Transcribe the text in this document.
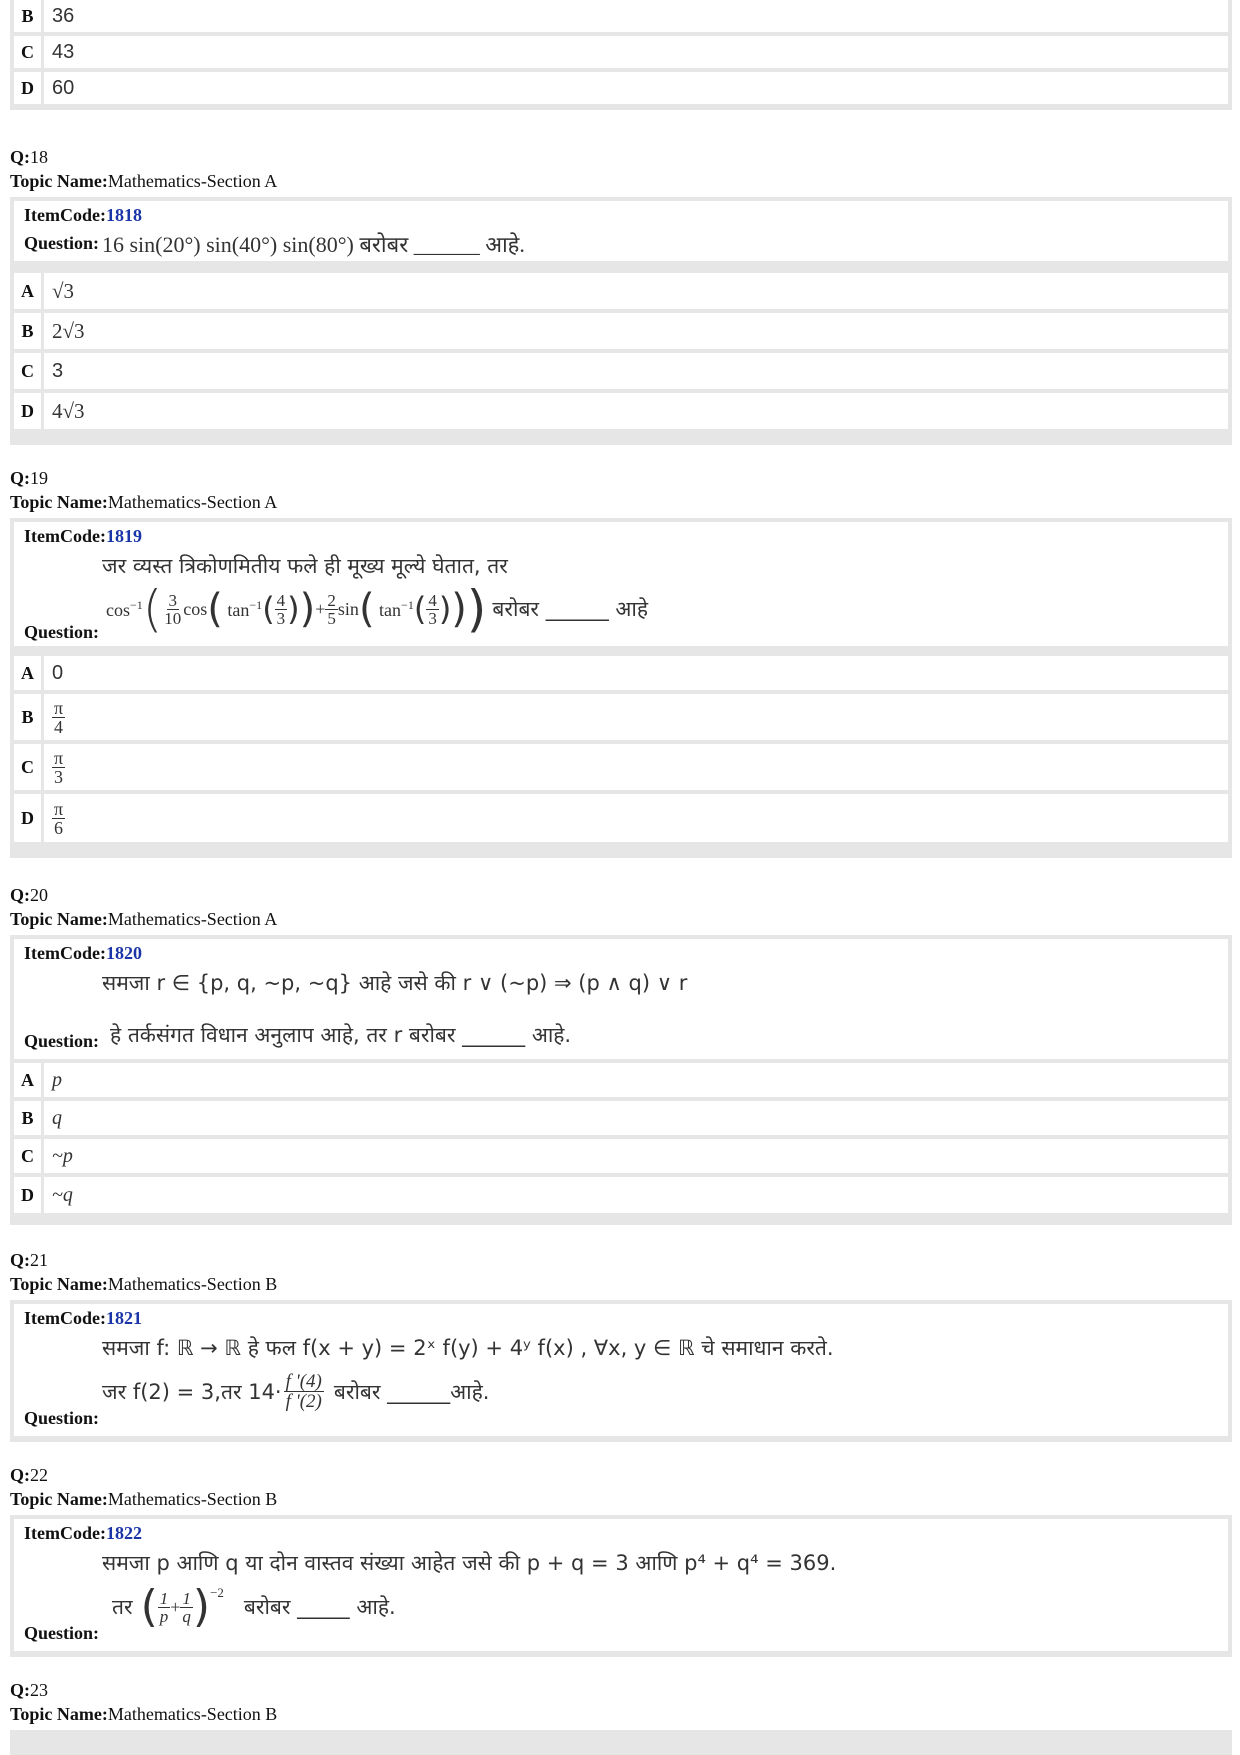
B 36
C 43
D 60
Q:18
Topic Name:Mathematics-Section A
ItemCode:1818
Question: 16 sin(20°) sin(40°) sin(80°) बरोबर ______ आहे.
A √3
B 2√3
C 3
D 4√3
Q:19
Topic Name:Mathematics-Section A
ItemCode:1819
जर व्यस्त त्रिकोणमितीय फले ही मूख्य मूल्ये घेतात, तर
$\cos^{-1}$ ( $\frac{3}{10}$ cos ( $\tan^{-1}$ ( $\frac{4}{3}$ ) ) + $\frac{2}{5}$ sin ( $\tan^{-1}$ ( $\frac{4}{3}$ ) ) ) बरोबर ______ आहे
Question:
A 0
B	$\frac{\pi}{4}$
C	$\frac{\pi}{3}$
D	$\frac{\pi}{6}$
Q:20
Topic Name:Mathematics-Section A
ItemCode:1820
समजा r ∈ {p, q, ~p, ~q} आहे जसे की r ∨ (~p) ⇒ (p ∧ q) ∨ r
Question: हे तर्कसंगत विधान अनुलाप आहे, तर r बरोबर ______ आहे.
A p
B q
C ~p
D ~q
Q:21
Topic Name:Mathematics-Section B
ItemCode:1821
समजा f: ℝ → ℝ हे फल f(x + y) = 2ˣ f(y) + 4ʸ f(x) , ∀x, y ∈ ℝ चे समाधान करते.
जर f(2) = 3,तर $14\cdot \frac{f '(4)}{f '(2)}$ बरोबर ______आहे.
Question:
Q:22
Topic Name:Mathematics-Section B
ItemCode:1822
समजा p आणि q या दोन वास्तव संख्या आहेत जसे की p + q = 3 आणि p⁴ + q⁴ = 369.
तर ( $\frac{1}{p} + \frac{1}{q} )^{-2}$
बरोबर _____ आहे.
Question:
Q:23
Topic Name:Mathematics-Section B
